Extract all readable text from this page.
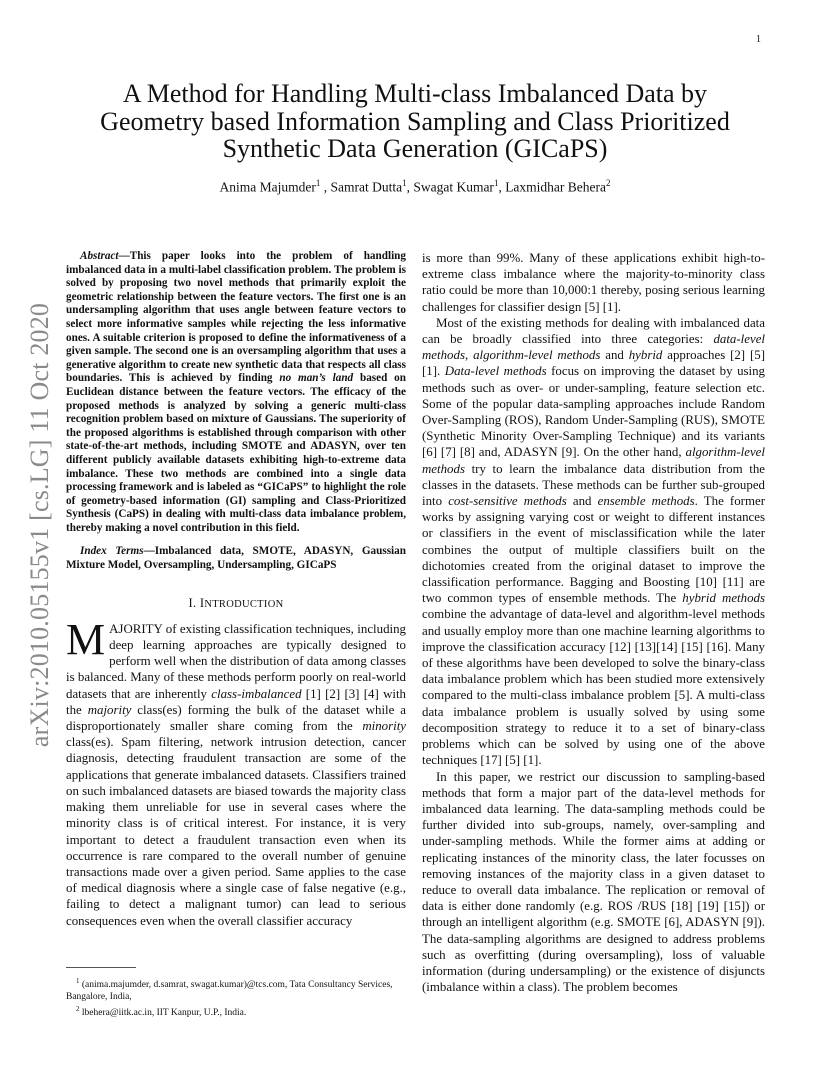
1
arXiv:2010.05155v1 [cs.LG] 11 Oct 2020
A Method for Handling Multi-class Imbalanced Data by Geometry based Information Sampling and Class Prioritized Synthetic Data Generation (GICaPS)
Anima Majumder$^1$ , Samrat Dutta$^1$, Swagat Kumar$^1$, Laxmidhar Behera$^2$

Abstract—This paper looks into the problem of handling imbalanced data in a multi-label classification problem. The problem is solved by proposing two novel methods that primarily exploit the geometric relationship between the feature vectors. The first one is an undersampling algorithm that uses angle between feature vectors to select more informative samples while rejecting the less informative ones. A suitable criterion is proposed to define the informativeness of a given sample. The second one is an oversampling algorithm that uses a generative algorithm to create new synthetic data that respects all class boundaries. This is achieved by finding no man’s land based on Euclidean distance between the feature vectors. The efficacy of the proposed methods is analyzed by solving a generic multi-class recognition problem based on mixture of Gaussians. The superiority of the proposed algorithms is established through comparison with other state-of-the-art methods, including SMOTE and ADASYN, over ten different publicly available datasets exhibiting high-to-extreme data imbalance. These two methods are combined into a single data processing framework and is labeled as “GICaPS” to highlight the role of geometry-based information (GI) sampling and Class-Prioritized Synthesis (CaPS) in dealing with multi-class data imbalance problem, thereby making a novel contribution in this field.

Index Terms—Imbalanced data, SMOTE, ADASYN, Gaussian Mixture Model, Oversampling, Undersampling, GICaPS

I. INTRODUCTION

MAJORITY of existing classification techniques, including deep learning approaches are typically designed to perform well when the distribution of data among classes is balanced. Many of these methods perform poorly on real-world datasets that are inherently class-imbalanced [1] [2] [3] [4] with the majority class(es) forming the bulk of the dataset while a disproportionately smaller share coming from the minority class(es). Spam filtering, network intrusion detection, cancer diagnosis, detecting fraudulent transaction are some of the applications that generate imbalanced datasets. Classifiers trained on such imbalanced datasets are biased towards the majority class making them unreliable for use in several cases where the minority class is of critical interest. For instance, it is very important to detect a fraudulent transaction even when its occurrence is rare compared to the overall number of genuine transactions made over a given period. Same applies to the case of medical diagnosis where a single case of false negative (e.g., failing to detect a malignant tumor) can lead to serious consequences even when the overall classifier accuracy

$^1$ (anima.majumder, d.samrat, swagat.kumar)@tcs.com, Tata Consultancy Services, Bangalore, India,

$^2$ lbehera@iitk.ac.in, IIT Kanpur, U.P., India.

is more than 99%. Many of these applications exhibit high-to-extreme class imbalance where the majority-to-minority class ratio could be more than 10,000:1 thereby, posing serious learning challenges for classifier design [5] [1].

Most of the existing methods for dealing with imbalanced data can be broadly classified into three categories: data-level methods, algorithm-level methods and hybrid approaches [2] [5] [1]. Data-level methods focus on improving the dataset by using methods such as over- or under-sampling, feature selection etc. Some of the popular data-sampling approaches include Random Over-Sampling (ROS), Random Under-Sampling (RUS), SMOTE (Synthetic Minority Over-Sampling Technique) and its variants [6] [7] [8] and, ADASYN [9]. On the other hand, algorithm-level methods try to learn the imbalance data distribution from the classes in the datasets. These methods can be further sub-grouped into cost-sensitive methods and ensemble methods. The former works by assigning varying cost or weight to different instances or classifiers in the event of misclassification while the later combines the output of multiple classifiers built on the dichotomies created from the original dataset to improve the classification performance. Bagging and Boosting [10] [11] are two common types of ensemble methods. The hybrid methods combine the advantage of data-level and algorithm-level methods and usually employ more than one machine learning algorithms to improve the classification accuracy [12] [13][14] [15] [16]. Many of these algorithms have been developed to solve the binary-class data imbalance problem which has been studied more extensively compared to the multi-class imbalance problem [5]. A multi-class data imbalance problem is usually solved by using some decomposition strategy to reduce it to a set of binary-class problems which can be solved by using one of the above techniques [17] [5] [1].

In this paper, we restrict our discussion to sampling-based methods that form a major part of the data-level methods for imbalanced data learning. The data-sampling methods could be further divided into sub-groups, namely, over-sampling and under-sampling methods. While the former aims at adding or replicating instances of the minority class, the later focusses on removing instances of the majority class in a given dataset to reduce to overall data imbalance. The replication or removal of data is either done randomly (e.g. ROS /RUS [18] [19] [15]) or through an intelligent algorithm (e.g. SMOTE [6], ADASYN [9]). The data-sampling algorithms are designed to address problems such as overfitting (during oversampling), loss of valuable information (during undersampling) or the existence of disjuncts (imbalance within a class). The problem becomes
